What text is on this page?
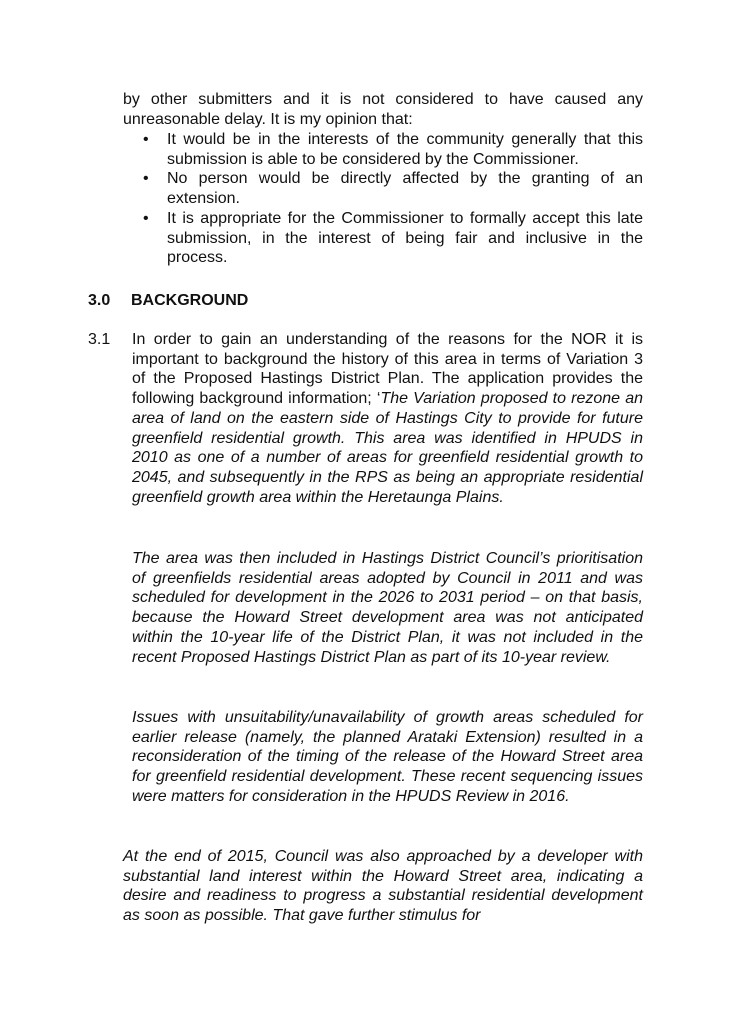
by other submitters and it is not considered to have caused any unreasonable delay. It is my opinion that:

• It would be in the interests of the community generally that this submission is able to be considered by the Commissioner.
• No person would be directly affected by the granting of an extension.
• It is appropriate for the Commissioner to formally accept this late submission, in the interest of being fair and inclusive in the process.
3.0 BACKGROUND
3.1 In order to gain an understanding of the reasons for the NOR it is important to background the history of this area in terms of Variation 3 of the Proposed Hastings District Plan. The application provides the following background information; ‘The Variation proposed to rezone an area of land on the eastern side of Hastings City to provide for future greenfield residential growth. This area was identified in HPUDS in 2010 as one of a number of areas for greenfield residential growth to 2045, and subsequently in the RPS as being an appropriate residential greenfield growth area within the Heretaunga Plains.

The area was then included in Hastings District Council’s prioritisation of greenfields residential areas adopted by Council in 2011 and was scheduled for development in the 2026 to 2031 period – on that basis, because the Howard Street development area was not anticipated within the 10-year life of the District Plan, it was not included in the recent Proposed Hastings District Plan as part of its 10-year review.

Issues with unsuitability/unavailability of growth areas scheduled for earlier release (namely, the planned Arataki Extension) resulted in a reconsideration of the timing of the release of the Howard Street area for greenfield residential development. These recent sequencing issues were matters for consideration in the HPUDS Review in 2016.

At the end of 2015, Council was also approached by a developer with substantial land interest within the Howard Street area, indicating a desire and readiness to progress a substantial residential development as soon as possible. That gave further stimulus for
